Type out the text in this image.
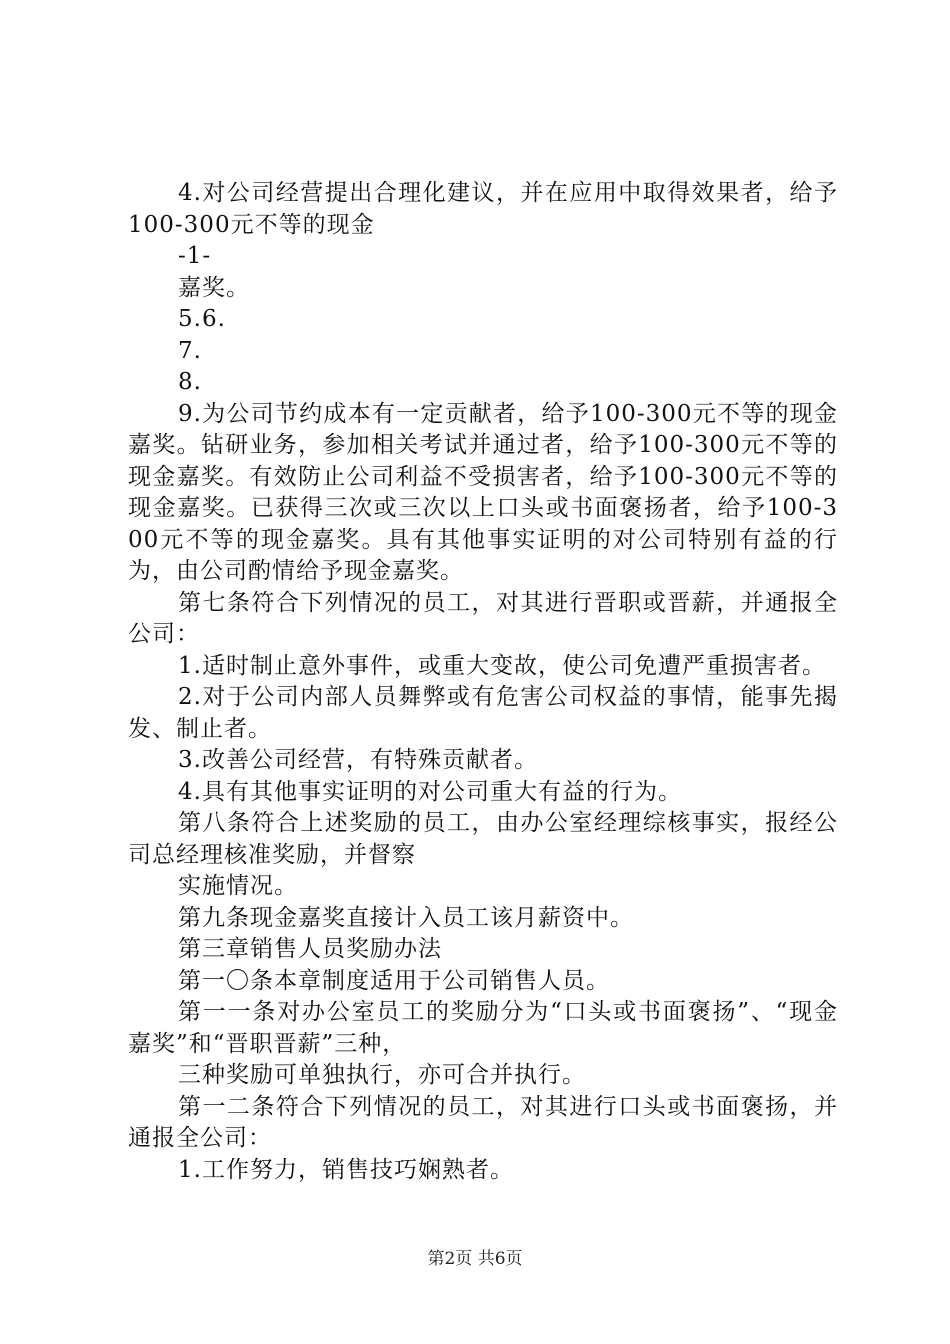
4.对公司经营提出合理化建议，并在应用中取得效果者，给予100-300元不等的现金

-1-

嘉奖。

5.6.

7.

8.

9.为公司节约成本有一定贡献者，给予100-300元不等的现金嘉奖。钻研业务，参加相关考试并通过者，给予100-300元不等的现金嘉奖。有效防止公司利益不受损害者，给予100-300元不等的现金嘉奖。已获得三次或三次以上口头或书面褒扬者，给予100-300元不等的现金嘉奖。具有其他事实证明的对公司特别有益的行为，由公司酌情给予现金嘉奖。

第七条符合下列情况的员工，对其进行晋职或晋薪，并通报全公司：

1.适时制止意外事件，或重大变故，使公司免遭严重损害者。

2.对于公司内部人员舞弊或有危害公司权益的事情，能事先揭发、制止者。

3.改善公司经营，有特殊贡献者。

4.具有其他事实证明的对公司重大有益的行为。

第八条符合上述奖励的员工，由办公室经理综核事实，报经公司总经理核准奖励，并督察

实施情况。

第九条现金嘉奖直接计入员工该月薪资中。

第三章销售人员奖励办法

第一〇条本章制度适用于公司销售人员。

第一一条对办公室员工的奖励分为“口头或书面褒扬”、“现金嘉奖”和“晋职晋薪”三种，

三种奖励可单独执行，亦可合并执行。

第一二条符合下列情况的员工，对其进行口头或书面褒扬，并通报全公司：

1.工作努力，销售技巧娴熟者。

第2页 共6页
